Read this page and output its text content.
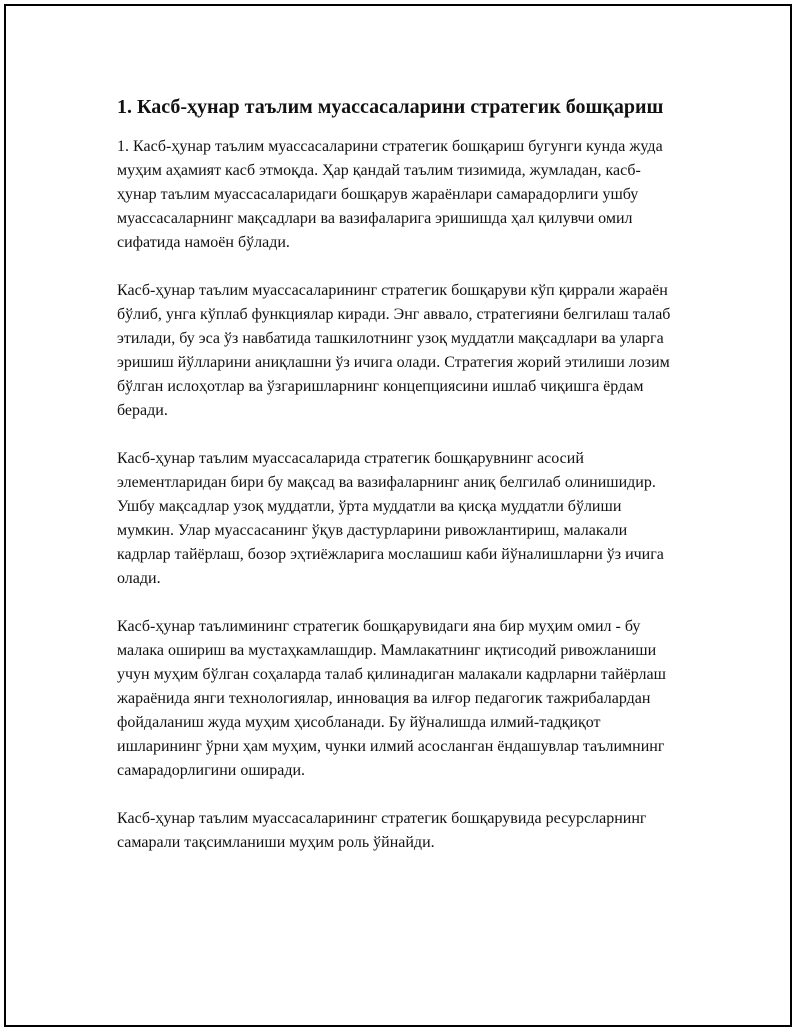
1. Касб-ҳунар таълим муассасаларини стратегик бошқариш

1. Касб-ҳунар таълим муассасаларини стратегик бошқариш бугунги кунда жуда муҳим аҳамият касб этмоқда. Ҳар қандай таълим тизимида, жумладан, касб-ҳунар таълим муассасаларидаги бошқарув жараёнлари самарадорлиги ушбу муассасаларнинг мақсадлари ва вазифаларига эришишда ҳал қилувчи омил сифатида намоён бўлади.

Касб-ҳунар таълим муассасаларининг стратегик бошқаруви кўп қиррали жараён бўлиб, унга кўплаб функциялар киради. Энг аввало, стратегияни белгилаш талаб этилади, бу эса ўз навбатида ташкилотнинг узоқ муддатли мақсадлари ва уларга эришиш йўлларини аниқлашни ўз ичига олади. Стратегия жорий этилиши лозим бўлган ислоҳотлар ва ўзгаришларнинг концепциясини ишлаб чиқишга ёрдам беради.

Касб-ҳунар таълим муассасаларида стратегик бошқарувнинг асосий элементларидан бири бу мақсад ва вазифаларнинг аниқ белгилаб олинишидир. Ушбу мақсадлар узоқ муддатли, ўрта муддатли ва қисқа муддатли бўлиши мумкин. Улар муассасанинг ўқув дастурларини ривожлантириш, малакали кадрлар тайёрлаш, бозор эҳтиёжларига мослашиш каби йўналишларни ўз ичига олади.

Касб-ҳунар таълимининг стратегик бошқарувидаги яна бир муҳим омил - бу малака ошириш ва мустаҳкамлашдир. Мамлакатнинг иқтисодий ривожланиши учун муҳим бўлган соҳаларда талаб қилинадиган малакали кадрларни тайёрлаш жараёнида янги технологиялар, инновация ва илғор педагогик тажрибалардан фойдаланиш жуда муҳим ҳисобланади. Бу йўналишда илмий-тадқиқот ишларининг ўрни ҳам муҳим, чунки илмий асосланган ёндашувлар таълимнинг самарадорлигини оширади.

Касб-ҳунар таълим муассасаларининг стратегик бошқарувида ресурсларнинг самарали тақсимланиши муҳим роль ўйнайди.
